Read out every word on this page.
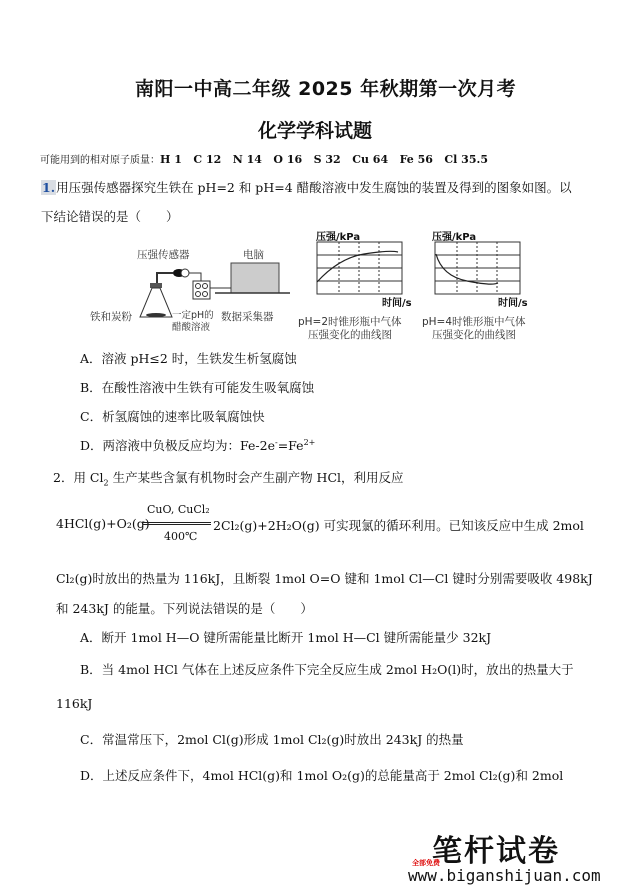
南阳一中高二年级 2025 年秋期第一次月考
化学学科试题
可能用到的相对原子质量：H 1   C 12   N 14   O 16   S 32   Cu 64   Fe 56   Cl 35.5
1.用压强传感器探究生铁在 pH=2 和 pH=4 醋酸溶液中发生腐蚀的装置及得到的图象如图。以
下结论错误的是（　　）
压强传感器	电脑
铁和炭粉	一定pH的
醋酸溶液
数据采集器
压强/kPa
时间/s
pH=2时锥形瓶中气体
压强变化的曲线图
压强/kPa
时间/s
pH=4时锥形瓶中气体
压强变化的曲线图
A．溶液 pH≤2 时，生铁发生析氢腐蚀
B．在酸性溶液中生铁有可能发生吸氧腐蚀
C．析氢腐蚀的速率比吸氧腐蚀快
D．两溶液中负极反应均为：$Fe-2e^-=Fe^{2+}$
2．用 $Cl_2$ 生产某些含氯有机物时会产生副产物 HCl，利用反应
4HCl(g)+O₂(g)
CuO, CuCl₂
400℃
2Cl₂(g)+2H₂O(g) 可实现氯的循环利用。已知该反应中生成 2mol
Cl₂(g)时放出的热量为 116kJ，且断裂 1mol O=O 键和 1mol Cl—Cl 键时分别需要吸收 498kJ
和 243kJ 的能量。下列说法错误的是（　　）
A．断开 1mol H—O 键所需能量比断开 1mol H—Cl 键所需能量少 32kJ
B．当 4mol HCl 气体在上述反应条件下完全反应生成 2mol H₂O(l)时，放出的热量大于
116kJ
C．常温常压下，2mol Cl(g)形成 1mol Cl₂(g)时放出 243kJ 的热量
D．上述反应条件下，4mol HCl(g)和 1mol O₂(g)的总能量高于 2mol Cl₂(g)和 2mol
笔杆试卷
全部免费
www.biganshijuan.com
